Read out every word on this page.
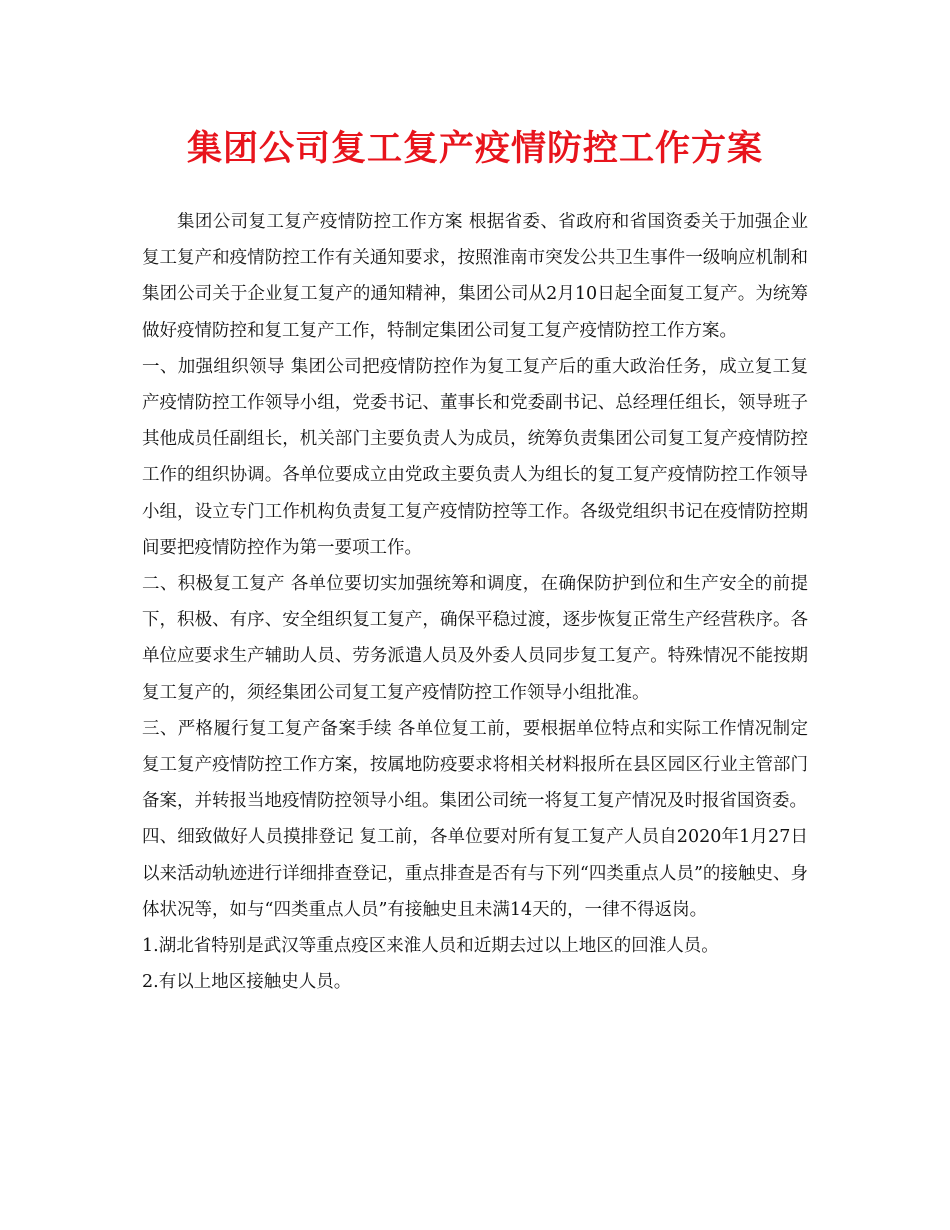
集团公司复工复产疫情防控工作方案

集团公司复工复产疫情防控工作方案 根据省委、省政府和省国资委关于加强企业复工复产和疫情防控工作有关通知要求，按照淮南市突发公共卫生事件一级响应机制和集团公司关于企业复工复产的通知精神，集团公司从2月10日起全面复工复产。为统筹做好疫情防控和复工复产工作，特制定集团公司复工复产疫情防控工作方案。

一、加强组织领导 集团公司把疫情防控作为复工复产后的重大政治任务，成立复工复产疫情防控工作领导小组，党委书记、董事长和党委副书记、总经理任组长，领导班子其他成员任副组长，机关部门主要负责人为成员，统筹负责集团公司复工复产疫情防控工作的组织协调。各单位要成立由党政主要负责人为组长的复工复产疫情防控工作领导小组，设立专门工作机构负责复工复产疫情防控等工作。各级党组织书记在疫情防控期间要把疫情防控作为第一要项工作。

二、积极复工复产 各单位要切实加强统筹和调度，在确保防护到位和生产安全的前提下，积极、有序、安全组织复工复产，确保平稳过渡，逐步恢复正常生产经营秩序。各单位应要求生产辅助人员、劳务派遣人员及外委人员同步复工复产。特殊情况不能按期复工复产的，须经集团公司复工复产疫情防控工作领导小组批准。

三、严格履行复工复产备案手续 各单位复工前，要根据单位特点和实际工作情况制定复工复产疫情防控工作方案，按属地防疫要求将相关材料报所在县区园区行业主管部门备案，并转报当地疫情防控领导小组。集团公司统一将复工复产情况及时报省国资委。

四、细致做好人员摸排登记 复工前，各单位要对所有复工复产人员自2020年1月27日以来活动轨迹进行详细排查登记，重点排查是否有与下列“四类重点人员”的接触史、身体状况等，如与“四类重点人员”有接触史且未满14天的，一律不得返岗。

1.湖北省特别是武汉等重点疫区来淮人员和近期去过以上地区的回淮人员。

2.有以上地区接触史人员。
